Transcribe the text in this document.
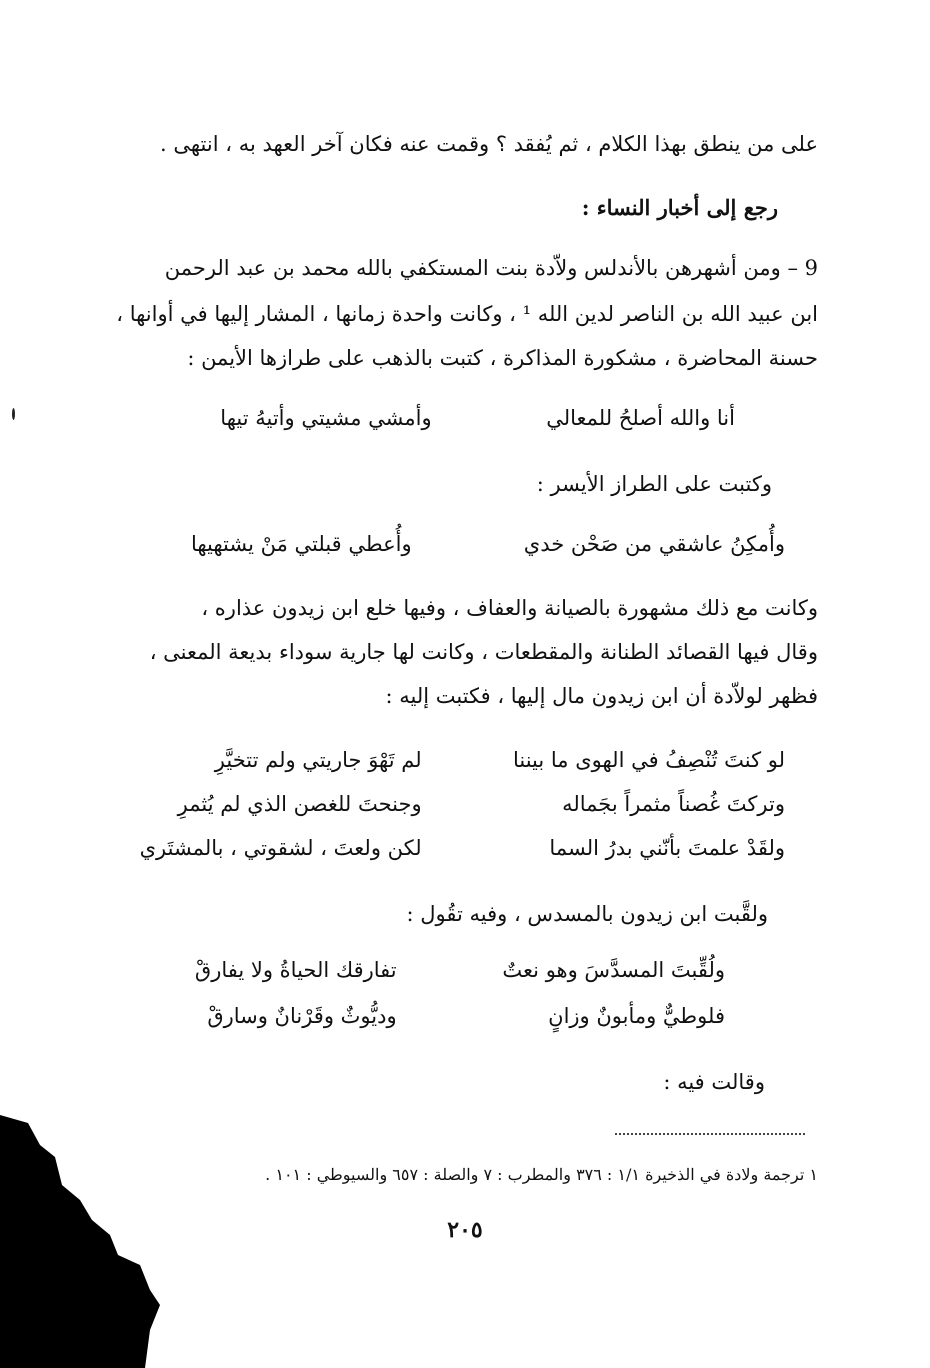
على من ينطق بهذا الكلام ، ثم يُفقد ؟ وقمت عنه فكان آخر العهد به ، انتهى .
رجع إلى أخبار النساء :
9 – ومن أشهرهن بالأندلس ولاّدة بنت المستكفي بالله محمد بن عبد الرحمن
ابن عبيد الله بن الناصر لدين الله ¹ ، وكانت واحدة زمانها ، المشار إليها في أوانها ،
حسنة المحاضرة ، مشكورة المذاكرة ، كتبت بالذهب على طرازها الأيمن :
أنا والله أصلحُ للمعالي  وأمشي مشيتي وأتيهُ تيها
وكتبت على الطراز الأيسر :
وأُمكِنُ عاشقي من صَحْن خدي  وأُعطي قبلتي مَنْ يشتهيها
وكانت مع ذلك مشهورة بالصيانة والعفاف ، وفيها خلع ابن زيدون عذاره ،
وقال فيها القصائد الطنانة والمقطعات ، وكانت لها جارية سوداء بديعة المعنى ،
فظهر لولاّدة أن ابن زيدون مال إليها ، فكتبت إليه :
لو كنتَ تُنْصِفُ في الهوى ما بيننا  لم تَهْوَ جاريتي ولم تتخيَّرِ
وتركتَ غُصناً مثمراً بجَماله  وجنحتَ للغصن الذي لم يُثمرِ
ولقَدْ علمتَ بأنّني بدرُ السما  لكن ولعتَ ، لشقوتي ، بالمشتَري
ولقَّبت ابن زيدون بالمسدس ، وفيه تقُول :
ولُقِّبتَ المسدَّسَ وهو نعتٌ  تفارقك الحياةُ ولا يفارقْ
فلوطيٌّ ومأبونٌ وزانٍ  وديُّوثٌ وقَرْنانٌ وسارقْ
وقالت فيه :
١ ترجمة ولادة في الذخيرة ١/١ : ٣٧٦ والمطرب : ٧ والصلة : ٦٥٧ والسيوطي : ١٠١ .
٢٠٥
